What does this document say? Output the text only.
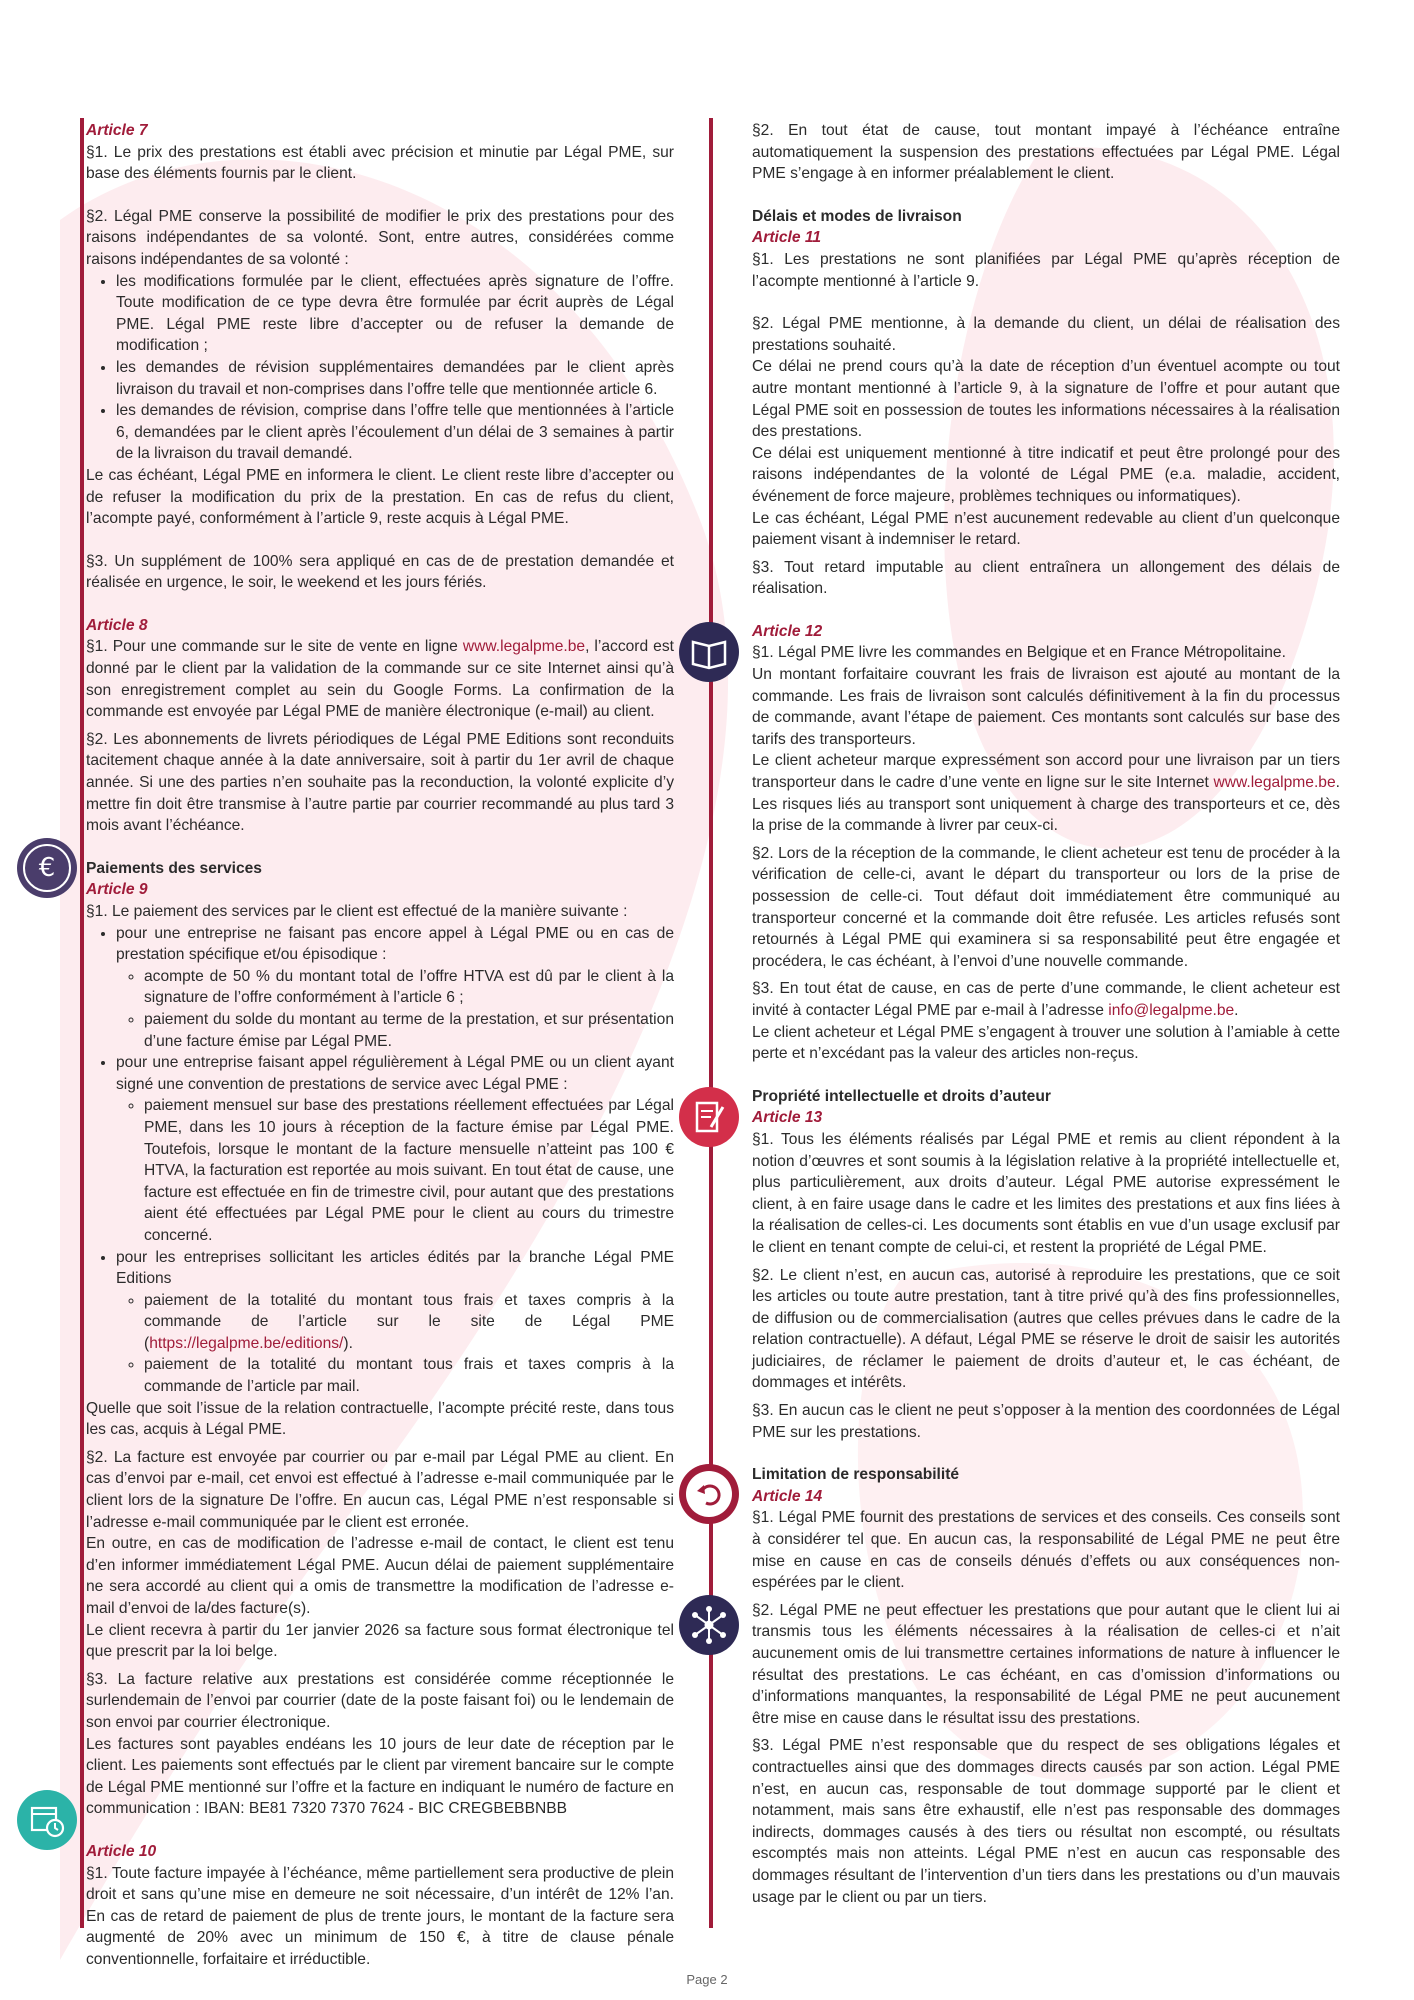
€

Article 7

§1. Le prix des prestations est établi avec précision et minutie par Légal PME, sur base des éléments fournis par le client.

§2. Légal PME conserve la possibilité de modifier le prix des prestations pour des raisons indépendantes de sa volonté. Sont, entre autres, considérées comme raisons indépendantes de sa volonté :

• les modifications formulée par le client, effectuées après signature de l’offre. Toute modification de ce type devra être formulée par écrit auprès de Légal PME. Légal PME reste libre d’accepter ou de refuser la demande de modification ;
• les demandes de révision supplémentaires demandées par le client après livraison du travail et non-comprises dans l’offre telle que mentionnée article 6.
• les demandes de révision, comprise dans l’offre telle que mentionnées à l’article 6, demandées par le client après l’écoulement d’un délai de 3 semaines à partir de la livraison du travail demandé.

Le cas échéant, Légal PME en informera le client. Le client reste libre d’accepter ou de refuser la modification du prix de la prestation. En cas de refus du client, l’acompte payé, conformément à l’article 9, reste acquis à Légal PME.

§3. Un supplément de 100% sera appliqué en cas de de prestation demandée et réalisée en urgence, le soir, le weekend et les jours fériés.

Article 8

§1. Pour une commande sur le site de vente en ligne www.legalpme.be, l’accord est donné par le client par la validation de la commande sur ce site Internet ainsi qu’à son enregistrement complet au sein du Google Forms. La confirmation de la commande est envoyée par Légal PME de manière électronique (e-mail) au client.

§2. Les abonnements de livrets périodiques de Légal PME Editions sont reconduits tacitement chaque année à la date anniversaire, soit à partir du 1er avril de chaque année. Si une des parties n’en souhaite pas la reconduction, la volonté explicite d’y mettre fin doit être transmise à l’autre partie par courrier recommandé au plus tard 3 mois avant l’échéance.

Paiements des services

Article 9

§1. Le paiement des services par le client est effectué de la manière suivante :

• pour une entreprise ne faisant pas encore appel à Légal PME ou en cas de prestation spécifique et/ou épisodique :
◦ acompte de 50 % du montant total de l’offre HTVA est dû par le client à la signature de l’offre conformément à l’article 6 ;
◦ paiement du solde du montant au terme de la prestation, et sur présentation d’une facture émise par Légal PME.
• pour une entreprise faisant appel régulièrement à Légal PME ou un client ayant signé une convention de prestations de service avec Légal PME :
◦ paiement mensuel sur base des prestations réellement effectuées par Légal PME, dans les 10 jours à réception de la facture émise par Légal PME. Toutefois, lorsque le montant de la facture mensuelle n’atteint pas 100 € HTVA, la facturation est reportée au mois suivant. En tout état de cause, une facture est effectuée en fin de trimestre civil, pour autant que des prestations aient été effectuées par Légal PME pour le client au cours du trimestre concerné.
• pour les entreprises sollicitant les articles édités par la branche Légal PME Editions
◦ paiement de la totalité du montant tous frais et taxes compris à la commande de l’article sur le site de Légal PME (https://legalpme.be/editions/).
◦ paiement de la totalité du montant tous frais et taxes compris à la commande de l’article par mail.

Quelle que soit l’issue de la relation contractuelle, l’acompte précité reste, dans tous les cas, acquis à Légal PME.

§2. La facture est envoyée par courrier ou par e-mail par Légal PME au client. En cas d’envoi par e-mail, cet envoi est effectué à l’adresse e-mail communiquée par le client lors de la signature De l’offre. En aucun cas, Légal PME n’est responsable si l’adresse e-mail communiquée par le client est erronée.

En outre, en cas de modification de l’adresse e-mail de contact, le client est tenu d’en informer immédiatement Légal PME. Aucun délai de paiement supplémentaire ne sera accordé au client qui a omis de transmettre la modification de l’adresse e-mail d’envoi de la/des facture(s).

Le client recevra à partir du 1er janvier 2026 sa facture sous format électronique tel que prescrit par la loi belge.

§3. La facture relative aux prestations est considérée comme réceptionnée le surlendemain de l’envoi par courrier (date de la poste faisant foi) ou le lendemain de son envoi par courrier électronique.

Les factures sont payables endéans les 10 jours de leur date de réception par le client. Les paiements sont effectués par le client par virement bancaire sur le compte de Légal PME mentionné sur l’offre et la facture en indiquant le numéro de facture en communication : IBAN: BE81 7320 7370 7624 - BIC CREGBEBBNBB

Article 10

§1. Toute facture impayée à l’échéance, même partiellement sera productive de plein droit et sans qu’une mise en demeure ne soit nécessaire, d’un intérêt de 12% l’an. En cas de retard de paiement de plus de trente jours, le montant de la facture sera augmenté de 20% avec un minimum de 150 €, à titre de clause pénale conventionnelle, forfaitaire et irréductible.

§2. En tout état de cause, tout montant impayé à l’échéance entraîne automatiquement la suspension des prestations effectuées par Légal PME. Légal PME s’engage à en informer préalablement le client.

Délais et modes de livraison

Article 11

§1. Les prestations ne sont planifiées par Légal PME qu’après réception de l’acompte mentionné à l’article 9.

§2. Légal PME mentionne, à la demande du client, un délai de réalisation des prestations souhaité.

Ce délai ne prend cours qu’à la date de réception d’un éventuel acompte ou tout autre montant mentionné à l’article 9, à la signature de l’offre et pour autant que Légal PME soit en possession de toutes les informations nécessaires à la réalisation des prestations.

Ce délai est uniquement mentionné à titre indicatif et peut être prolongé pour des raisons indépendantes de la volonté de Légal PME (e.a. maladie, accident, événement de force majeure, problèmes techniques ou informatiques).

Le cas échéant, Légal PME n’est aucunement redevable au client d’un quelconque paiement visant à indemniser le retard.

§3. Tout retard imputable au client entraînera un allongement des délais de réalisation.

Article 12

§1. Légal PME livre les commandes en Belgique et en France Métropolitaine.

Un montant forfaitaire couvrant les frais de livraison est ajouté au montant de la commande. Les frais de livraison sont calculés définitivement à la fin du processus de commande, avant l’étape de paiement. Ces montants sont calculés sur base des tarifs des transporteurs.

Le client acheteur marque expressément son accord pour une livraison par un tiers transporteur dans le cadre d’une vente en ligne sur le site Internet www.legalpme.be. Les risques liés au transport sont uniquement à charge des transporteurs et ce, dès la prise de la commande à livrer par ceux-ci.

§2. Lors de la réception de la commande, le client acheteur est tenu de procéder à la vérification de celle-ci, avant le départ du transporteur ou lors de la prise de possession de celle-ci. Tout défaut doit immédiatement être communiqué au transporteur concerné et la commande doit être refusée. Les articles refusés sont retournés à Légal PME qui examinera si sa responsabilité peut être engagée et procédera, le cas échéant, à l’envoi d’une nouvelle commande.

§3. En tout état de cause, en cas de perte d’une commande, le client acheteur est invité à contacter Légal PME par e-mail à l’adresse info@legalpme.be.

Le client acheteur et Légal PME s’engagent à trouver une solution à l’amiable à cette perte et n’excédant pas la valeur des articles non-reçus.

Propriété intellectuelle et droits d’auteur

Article 13

§1. Tous les éléments réalisés par Légal PME et remis au client répondent à la notion d’œuvres et sont soumis à la législation relative à la propriété intellectuelle et, plus particulièrement, aux droits d’auteur. Légal PME autorise expressément le client, à en faire usage dans le cadre et les limites des prestations et aux fins liées à la réalisation de celles-ci. Les documents sont établis en vue d’un usage exclusif par le client en tenant compte de celui-ci, et restent la propriété de Légal PME.

§2. Le client n’est, en aucun cas, autorisé à reproduire les prestations, que ce soit les articles ou toute autre prestation, tant à titre privé qu’à des fins professionnelles, de diffusion ou de commercialisation (autres que celles prévues dans le cadre de la relation contractuelle). A défaut, Légal PME se réserve le droit de saisir les autorités judiciaires, de réclamer le paiement de droits d’auteur et, le cas échéant, de dommages et intérêts.

§3. En aucun cas le client ne peut s’opposer à la mention des coordonnées de Légal PME sur les prestations.

Limitation de responsabilité

Article 14

§1. Légal PME fournit des prestations de services et des conseils. Ces conseils sont à considérer tel que. En aucun cas, la responsabilité de Légal PME ne peut être mise en cause en cas de conseils dénués d’effets ou aux conséquences non-espérées par le client.

§2. Légal PME ne peut effectuer les prestations que pour autant que le client lui ai transmis tous les éléments nécessaires à la réalisation de celles-ci et n’ait aucunement omis de lui transmettre certaines informations de nature à influencer le résultat des prestations. Le cas échéant, en cas d’omission d’informations ou d’informations manquantes, la responsabilité de Légal PME ne peut aucunement être mise en cause dans le résultat issu des prestations.

§3. Légal PME n’est responsable que du respect de ses obligations légales et contractuelles ainsi que des dommages directs causés par son action. Légal PME n’est, en aucun cas, responsable de tout dommage supporté par le client et notamment, mais sans être exhaustif, elle n’est pas responsable des dommages indirects, dommages causés à des tiers ou résultat non escompté, ou résultats escomptés mais non atteints. Légal PME n’est en aucun cas responsable des dommages résultant de l’intervention d’un tiers dans les prestations ou d’un mauvais usage par le client ou par un tiers.

Page 2
